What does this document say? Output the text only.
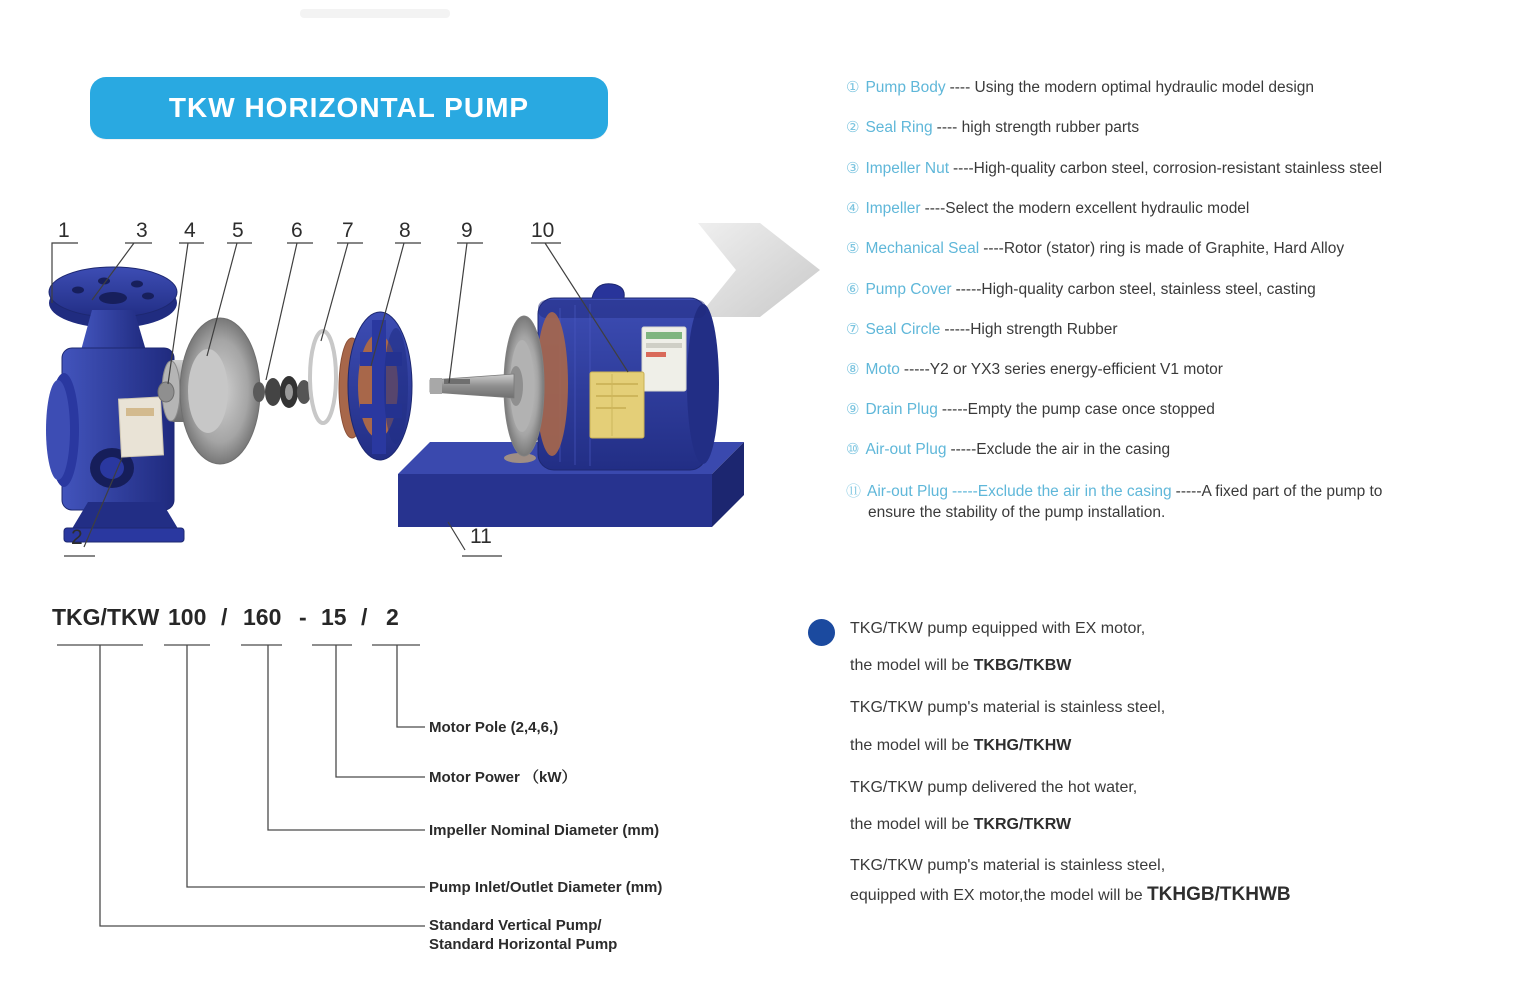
TKW HORIZONTAL PUMP
1
2
3 4 5 6 7 8 9	10
11
① Pump Body ---- Using the modern optimal hydraulic model design
② Seal Ring ---- high strength rubber parts
③ Impeller Nut ----High-quality carbon steel, corrosion-resistant stainless steel
④ Impeller ----Select the modern excellent hydraulic model
⑤ Mechanical Seal ----Rotor (stator) ring is made of Graphite, Hard Alloy
⑥ Pump Cover -----High-quality carbon steel, stainless steel, casting
⑦ Seal Circle -----High strength Rubber
⑧ Moto -----Y2 or YX3 series energy-efficient V1 motor
⑨ Drain Plug -----Empty the pump case once stopped
⑩ Air-out Plug -----Exclude the air in the casing
⑪ Air-out Plug -----Exclude the air in the casing -----A fixed part of the pump to
ensure the stability of the pump installation.
TKG/TKW 100 / 160 - 15 / 2
Motor Pole (2,4,6,)
Motor Power （kW）
Impeller Nominal Diameter (mm)
Pump Inlet/Outlet Diameter (mm)
Standard Vertical Pump/
Standard Horizontal Pump
TKG/TKW pump equipped with EX motor,
the model will be TKBG/TKBW
TKG/TKW pump's material is stainless steel,
the model will be TKHG/TKHW
TKG/TKW pump delivered the hot water,
the model will be TKRG/TKRW
TKG/TKW pump's material is stainless steel,
equipped with EX motor,the model will be TKHGB/TKHWB
